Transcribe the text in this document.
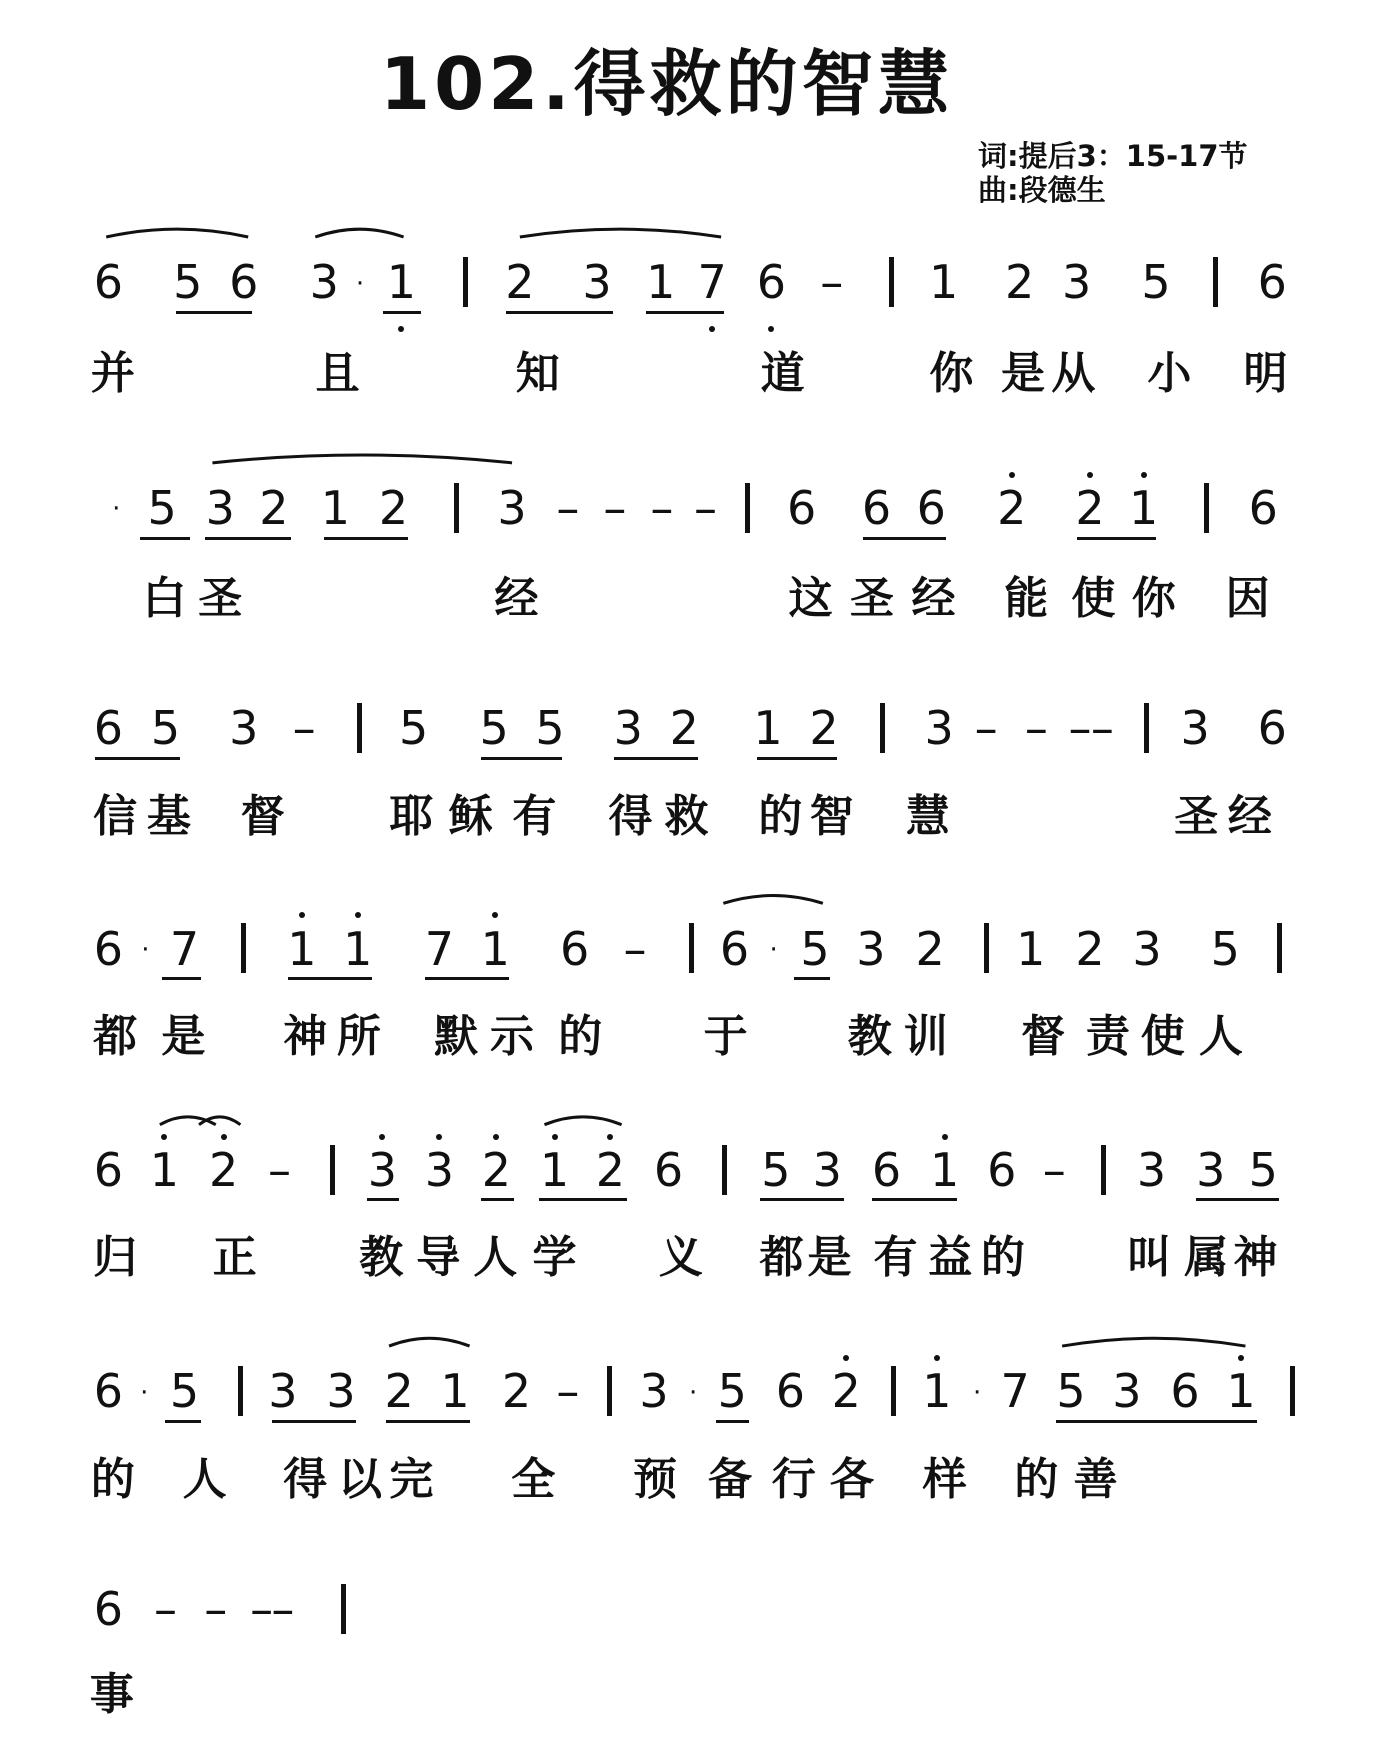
102.得救的智慧
词:提后3：15-17节
曲:段德生
6 5 6 3 1 2 3 1 7 6	1 2 3 5 6
–
·
并	且	知	道	你 是 从 小 明
5 3 2 1 2 3	6 6 6 2 2 1 6
– – – –
·
白 圣	经	这 圣 经 能 使 你 因
6 5 3	5 5 5 3 2 1 2 3	3 6
–	– – – –
信 基 督 耶 稣 有 得 救 的 智 慧	圣 经
6 7 1 1 7 1 6	6 5 3 2 1 2 3 5
–
·	·
都 是 神 所 默 示 的 于 教 训 督 责 使 人
6 1 2	3 3 2 1 2 6 5 3 6 1 6	3 3 5
–	–
归 正 教 导 人 学 义 都 是 有 益 的 叫 属 神
6 5 3 3 2 1 2 3 5 6 2 1 7 5 3 6 1
–
·	·	·
的 人 得 以 完 全 预 备 行 各 样 的 善
6 – – –
–
事
